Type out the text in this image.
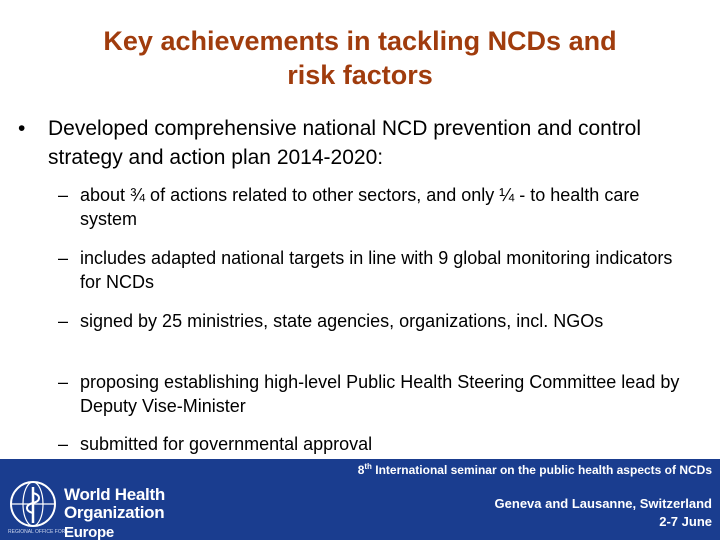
Key achievements in tackling NCDs and
risk factors
•	Developed comprehensive national NCD prevention and control strategy and action plan 2014-2020:
– about ¾ of actions related to other sectors, and only ¼ - to health care system
– includes adapted national targets in line with 9 global monitoring indicators for NCDs
– signed by 25 ministries, state agencies, organizations, incl. NGOs
– proposing establishing high-level Public Health Steering Committee lead by Deputy Vise-Minister
– submitted for governmental approval
World Health
Organization
REGIONAL OFFICE FOR
Europe
8th International seminar on the public health aspects of NCDs
Geneva and Lausanne, Switzerland
2-7 June
